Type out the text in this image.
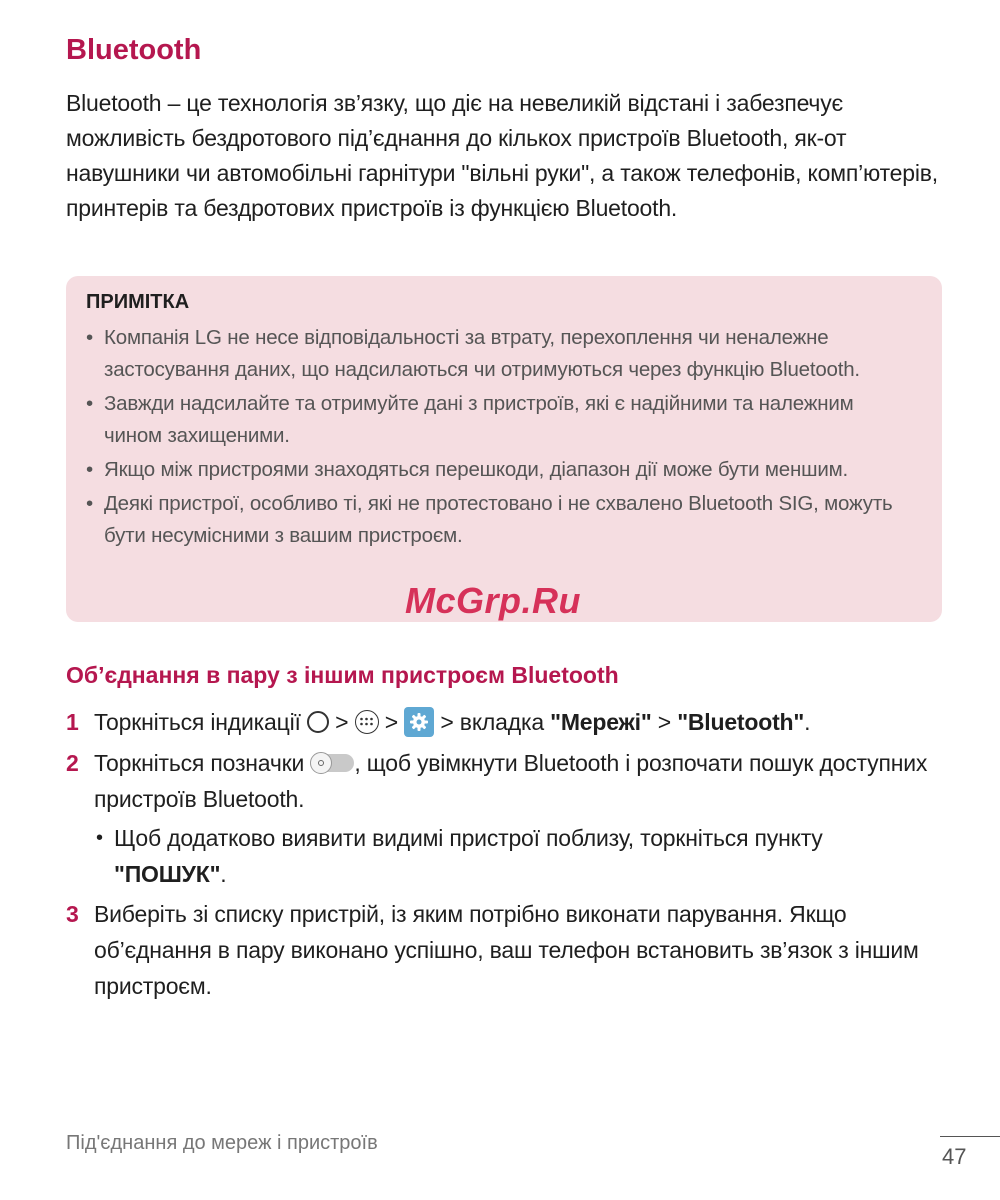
Bluetooth

Bluetooth – це технологія зв’язку, що діє на невеликій відстані і забезпечує можливість бездротового під’єднання до кількох пристроїв Bluetooth, як-от навушники чи автомобільні гарнітури "вільні руки", а також телефонів, комп’ютерів, принтерів та бездротових пристроїв із функцією Bluetooth.

ПРИМІТКА
• Компанія LG не несе відповідальності за втрату, перехоплення чи неналежне застосування даних, що надсилаються чи отримуються через функцію Bluetooth.
• Завжди надсилайте та отримуйте дані з пристроїв, які є надійними та належним чином захищеними.
• Якщо між пристроями знаходяться перешкоди, діапазон дії може бути меншим.
• Деякі пристрої, особливо ті, які не протестовано і не схвалено Bluetooth SIG, можуть бути несумісними з вашим пристроєм.
McGrp.Ru
Об’єднання в пару з іншим пристроєм Bluetooth
1 Торкніться індикації > > > вкладка "Мережі" > "Bluetooth".
2 Торкніться позначки , щоб увімкнути Bluetooth і розпочати пошук доступних пристроїв Bluetooth.
• Щоб додатково виявити видимі пристрої поблизу, торкніться пункту "ПОШУК".
3 Виберіть зі списку пристрій, із яким потрібно виконати парування. Якщо об’єднання в пару виконано успішно, ваш телефон встановить зв’язок з іншим пристроєм.
Під'єднання до мереж і пристроїв
47
